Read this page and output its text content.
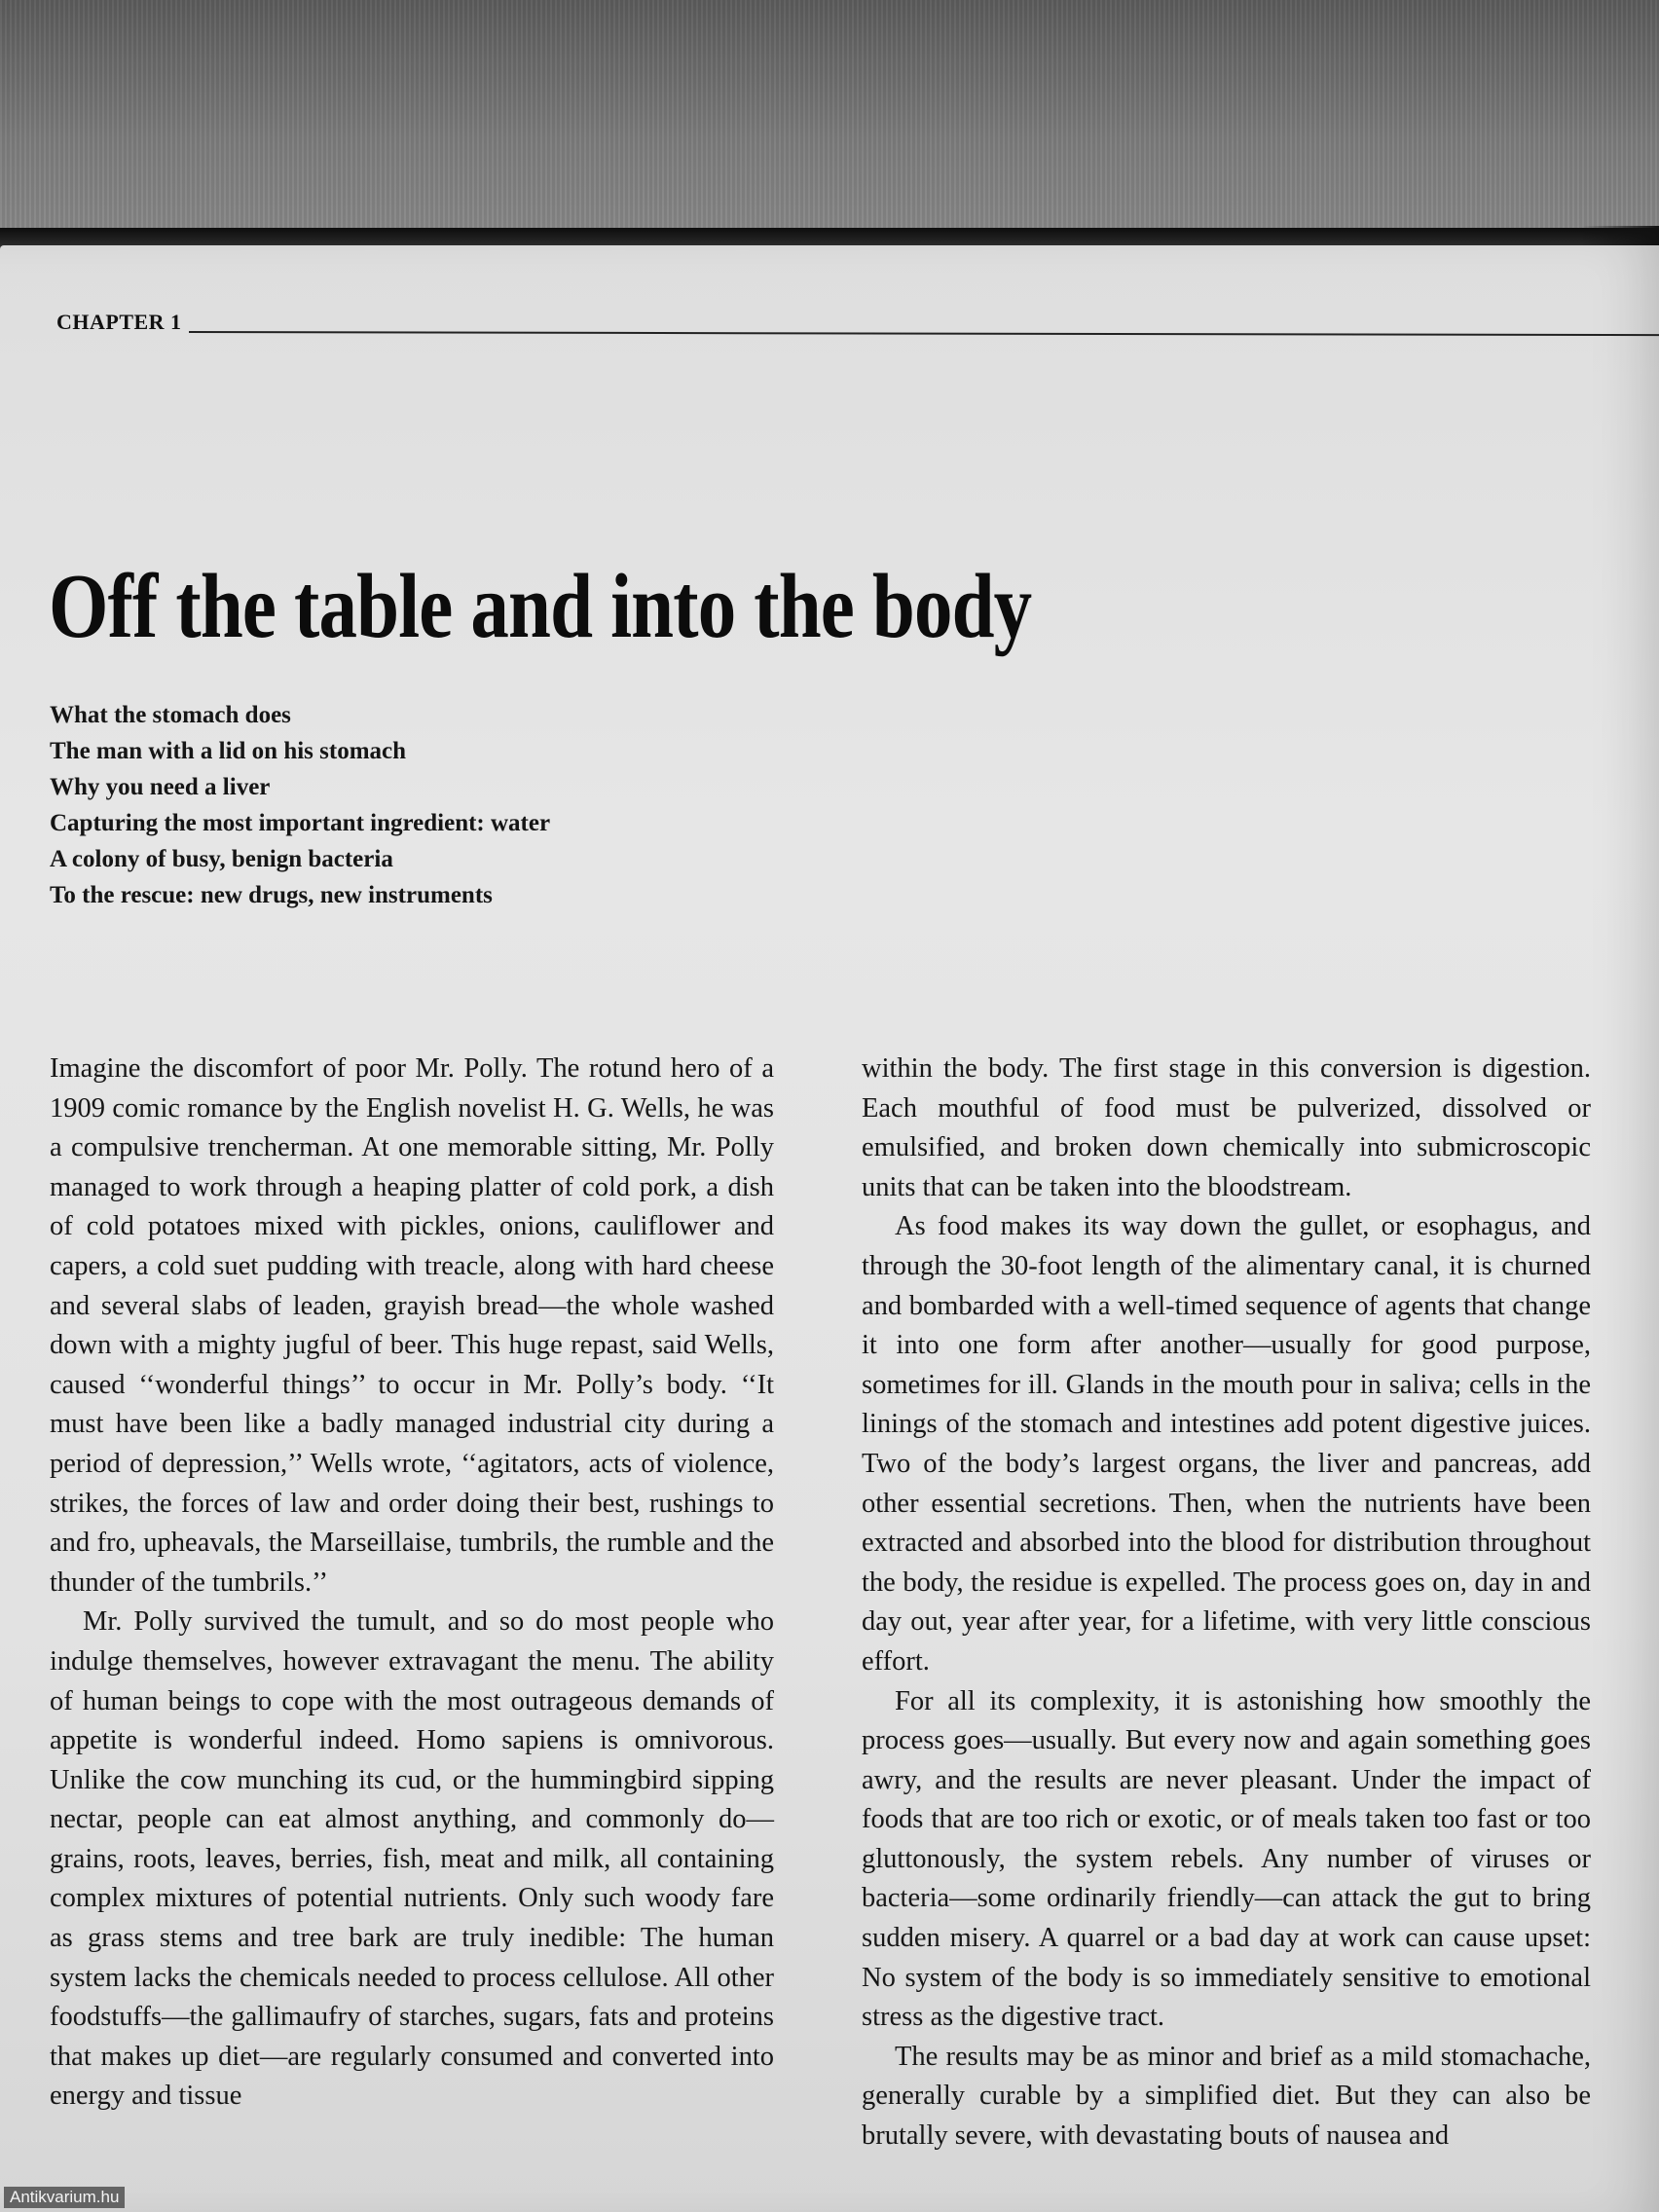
CHAPTER 1
Off the table and into the body
What the stomach does
The man with a lid on his stomach
Why you need a liver
Capturing the most important ingredient: water
A colony of busy, benign bacteria
To the rescue: new drugs, new instruments

Imagine the discomfort of poor Mr. Polly. The rotund hero of a 1909 comic romance by the English novelist H. G. Wells, he was a compulsive trencherman. At one memorable sitting, Mr. Polly managed to work through a heaping platter of cold pork, a dish of cold potatoes mixed with pickles, onions, cauliflower and capers, a cold suet pudding with treacle, along with hard cheese and several slabs of leaden, grayish bread—the whole washed down with a mighty jugful of beer. This huge repast, said Wells, caused ‘‘wonderful things’’ to occur in Mr. Polly’s body. ‘‘It must have been like a badly managed industrial city during a period of depression,’’ Wells wrote, ‘‘agitators, acts of violence, strikes, the forces of law and order doing their best, rushings to and fro, upheavals, the Marseillaise, tumbrils, the rumble and the thunder of the tumbrils.’’

Mr. Polly survived the tumult, and so do most people who indulge themselves, however extravagant the menu. The ability of human beings to cope with the most outrageous demands of appetite is wonderful indeed. Homo sapiens is omnivorous. Unlike the cow munching its cud, or the hummingbird sipping nectar, people can eat almost anything, and commonly do—grains, roots, leaves, berries, fish, meat and milk, all containing complex mixtures of potential nutrients. Only such woody fare as grass stems and tree bark are truly inedible: The human system lacks the chemicals needed to process cellulose. All other foodstuffs—the gallimaufry of starches, sugars, fats and proteins that makes up diet—are regularly consumed and converted into energy and tissue

within the body. The first stage in this conversion is digestion. Each mouthful of food must be pulverized, dissolved or emulsified, and broken down chemically into submicroscopic units that can be taken into the bloodstream.

As food makes its way down the gullet, or esophagus, and through the 30-foot length of the alimentary canal, it is churned and bombarded with a well-timed sequence of agents that change it into one form after another—usually for good purpose, sometimes for ill. Glands in the mouth pour in saliva; cells in the linings of the stomach and intestines add potent digestive juices. Two of the body’s largest organs, the liver and pancreas, add other essential secretions. Then, when the nutrients have been extracted and absorbed into the blood for distribution throughout the body, the residue is expelled. The process goes on, day in and day out, year after year, for a lifetime, with very little conscious effort.

For all its complexity, it is astonishing how smoothly the process goes—usually. But every now and again something goes awry, and the results are never pleasant. Under the impact of foods that are too rich or exotic, or of meals taken too fast or too gluttonously, the system rebels. Any number of viruses or bacteria—some ordinarily friendly—can attack the gut to bring sudden misery. A quarrel or a bad day at work can cause upset: No system of the body is so immediately sensitive to emotional stress as the digestive tract.

The results may be as minor and brief as a mild stomachache, generally curable by a simplified diet. But they can also be brutally severe, with devastating bouts of nausea and

Antikvarium.hu
